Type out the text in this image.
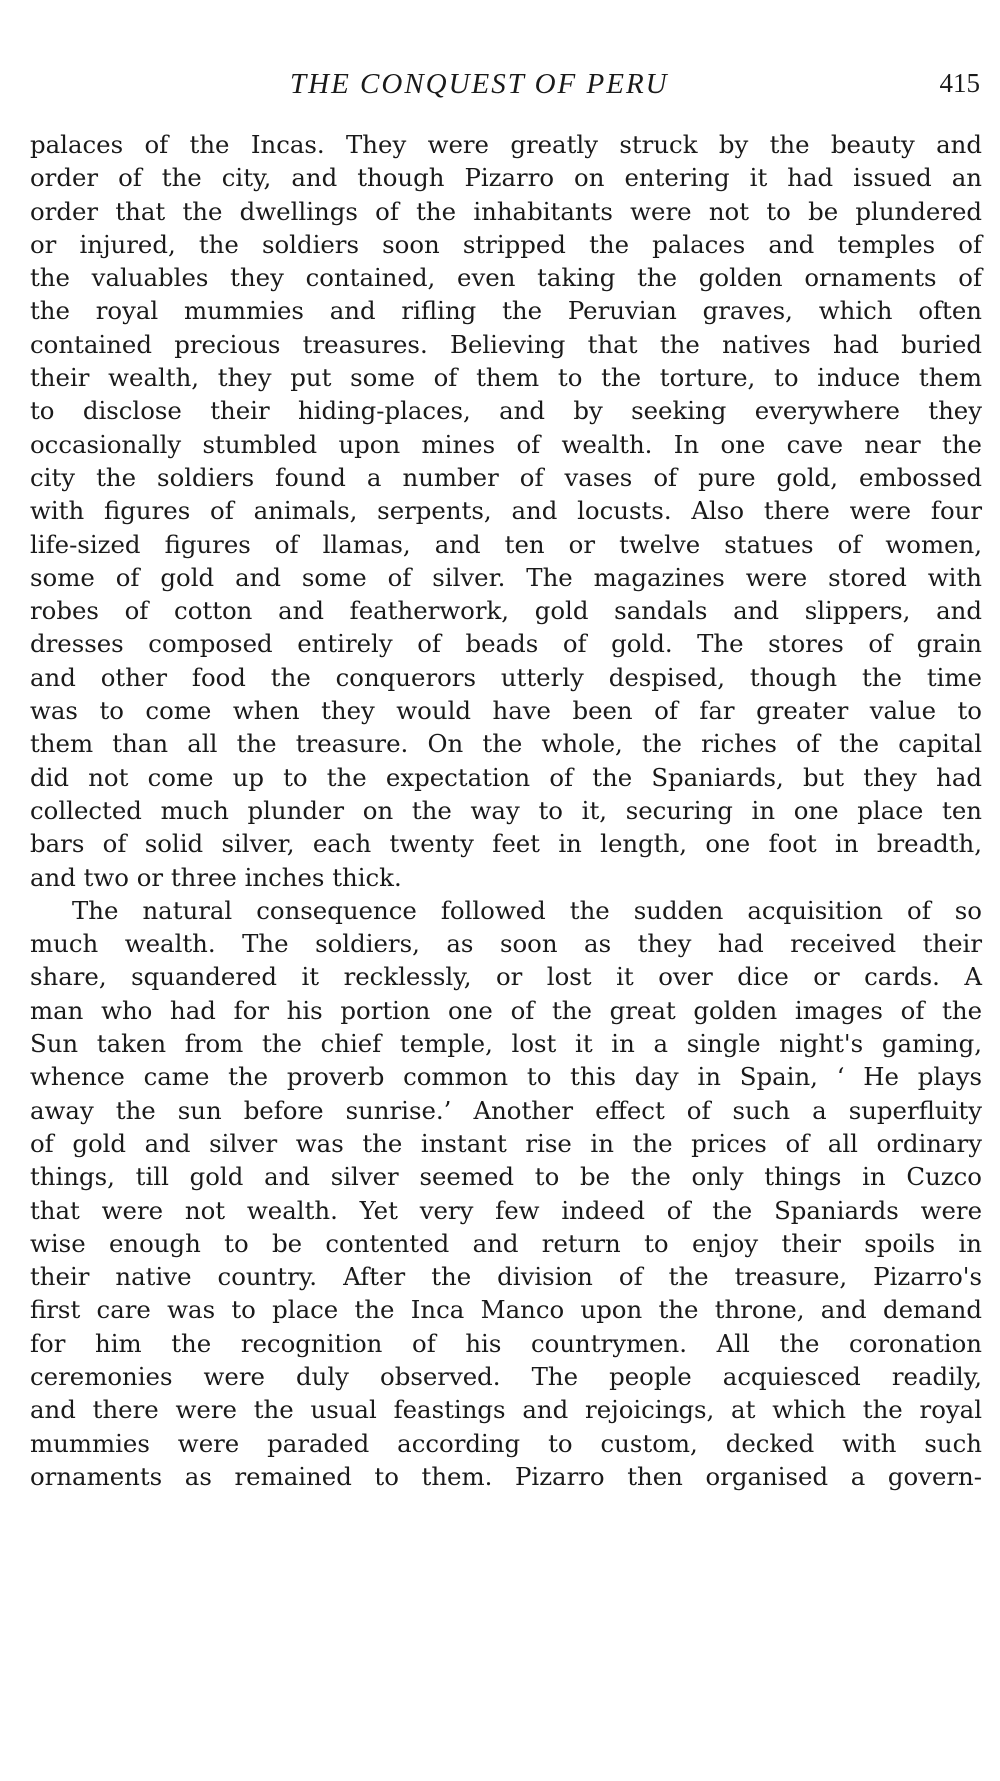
THE CONQUEST OF PERU	415
palaces of the Incas. They were greatly struck by the beauty and
order of the city, and though Pizarro on entering it had issued an
order that the dwellings of the inhabitants were not to be plundered
or injured, the soldiers soon stripped the palaces and temples of
the valuables they contained, even taking the golden ornaments of
the royal mummies and rifling the Peruvian graves, which often
contained precious treasures. Believing that the natives had buried
their wealth, they put some of them to the torture, to induce them
to disclose their hiding-places, and by seeking everywhere they
occasionally stumbled upon mines of wealth. In one cave near the
city the soldiers found a number of vases of pure gold, embossed
with figures of animals, serpents, and locusts. Also there were four
life-sized figures of llamas, and ten or twelve statues of women,
some of gold and some of silver. The magazines were stored with
robes of cotton and featherwork, gold sandals and slippers, and
dresses composed entirely of beads of gold. The stores of grain
and other food the conquerors utterly despised, though the time
was to come when they would have been of far greater value to
them than all the treasure. On the whole, the riches of the capital
did not come up to the expectation of the Spaniards, but they had
collected much plunder on the way to it, securing in one place ten
bars of solid silver, each twenty feet in length, one foot in breadth,
and two or three inches thick.
The natural consequence followed the sudden acquisition of so
much wealth. The soldiers, as soon as they had received their
share, squandered it recklessly, or lost it over dice or cards. A
man who had for his portion one of the great golden images of the
Sun taken from the chief temple, lost it in a single night's gaming,
whence came the proverb common to this day in Spain, ‘ He plays
away the sun before sunrise.’ Another effect of such a superfluity
of gold and silver was the instant rise in the prices of all ordinary
things, till gold and silver seemed to be the only things in Cuzco
that were not wealth. Yet very few indeed of the Spaniards were
wise enough to be contented and return to enjoy their spoils in
their native country. After the division of the treasure, Pizarro's
first care was to place the Inca Manco upon the throne, and demand
for him the recognition of his countrymen. All the coronation
ceremonies were duly observed. The people acquiesced readily,
and there were the usual feastings and rejoicings, at which the royal
mummies were paraded according to custom, decked with such
ornaments as remained to them. Pizarro then organised a govern-
